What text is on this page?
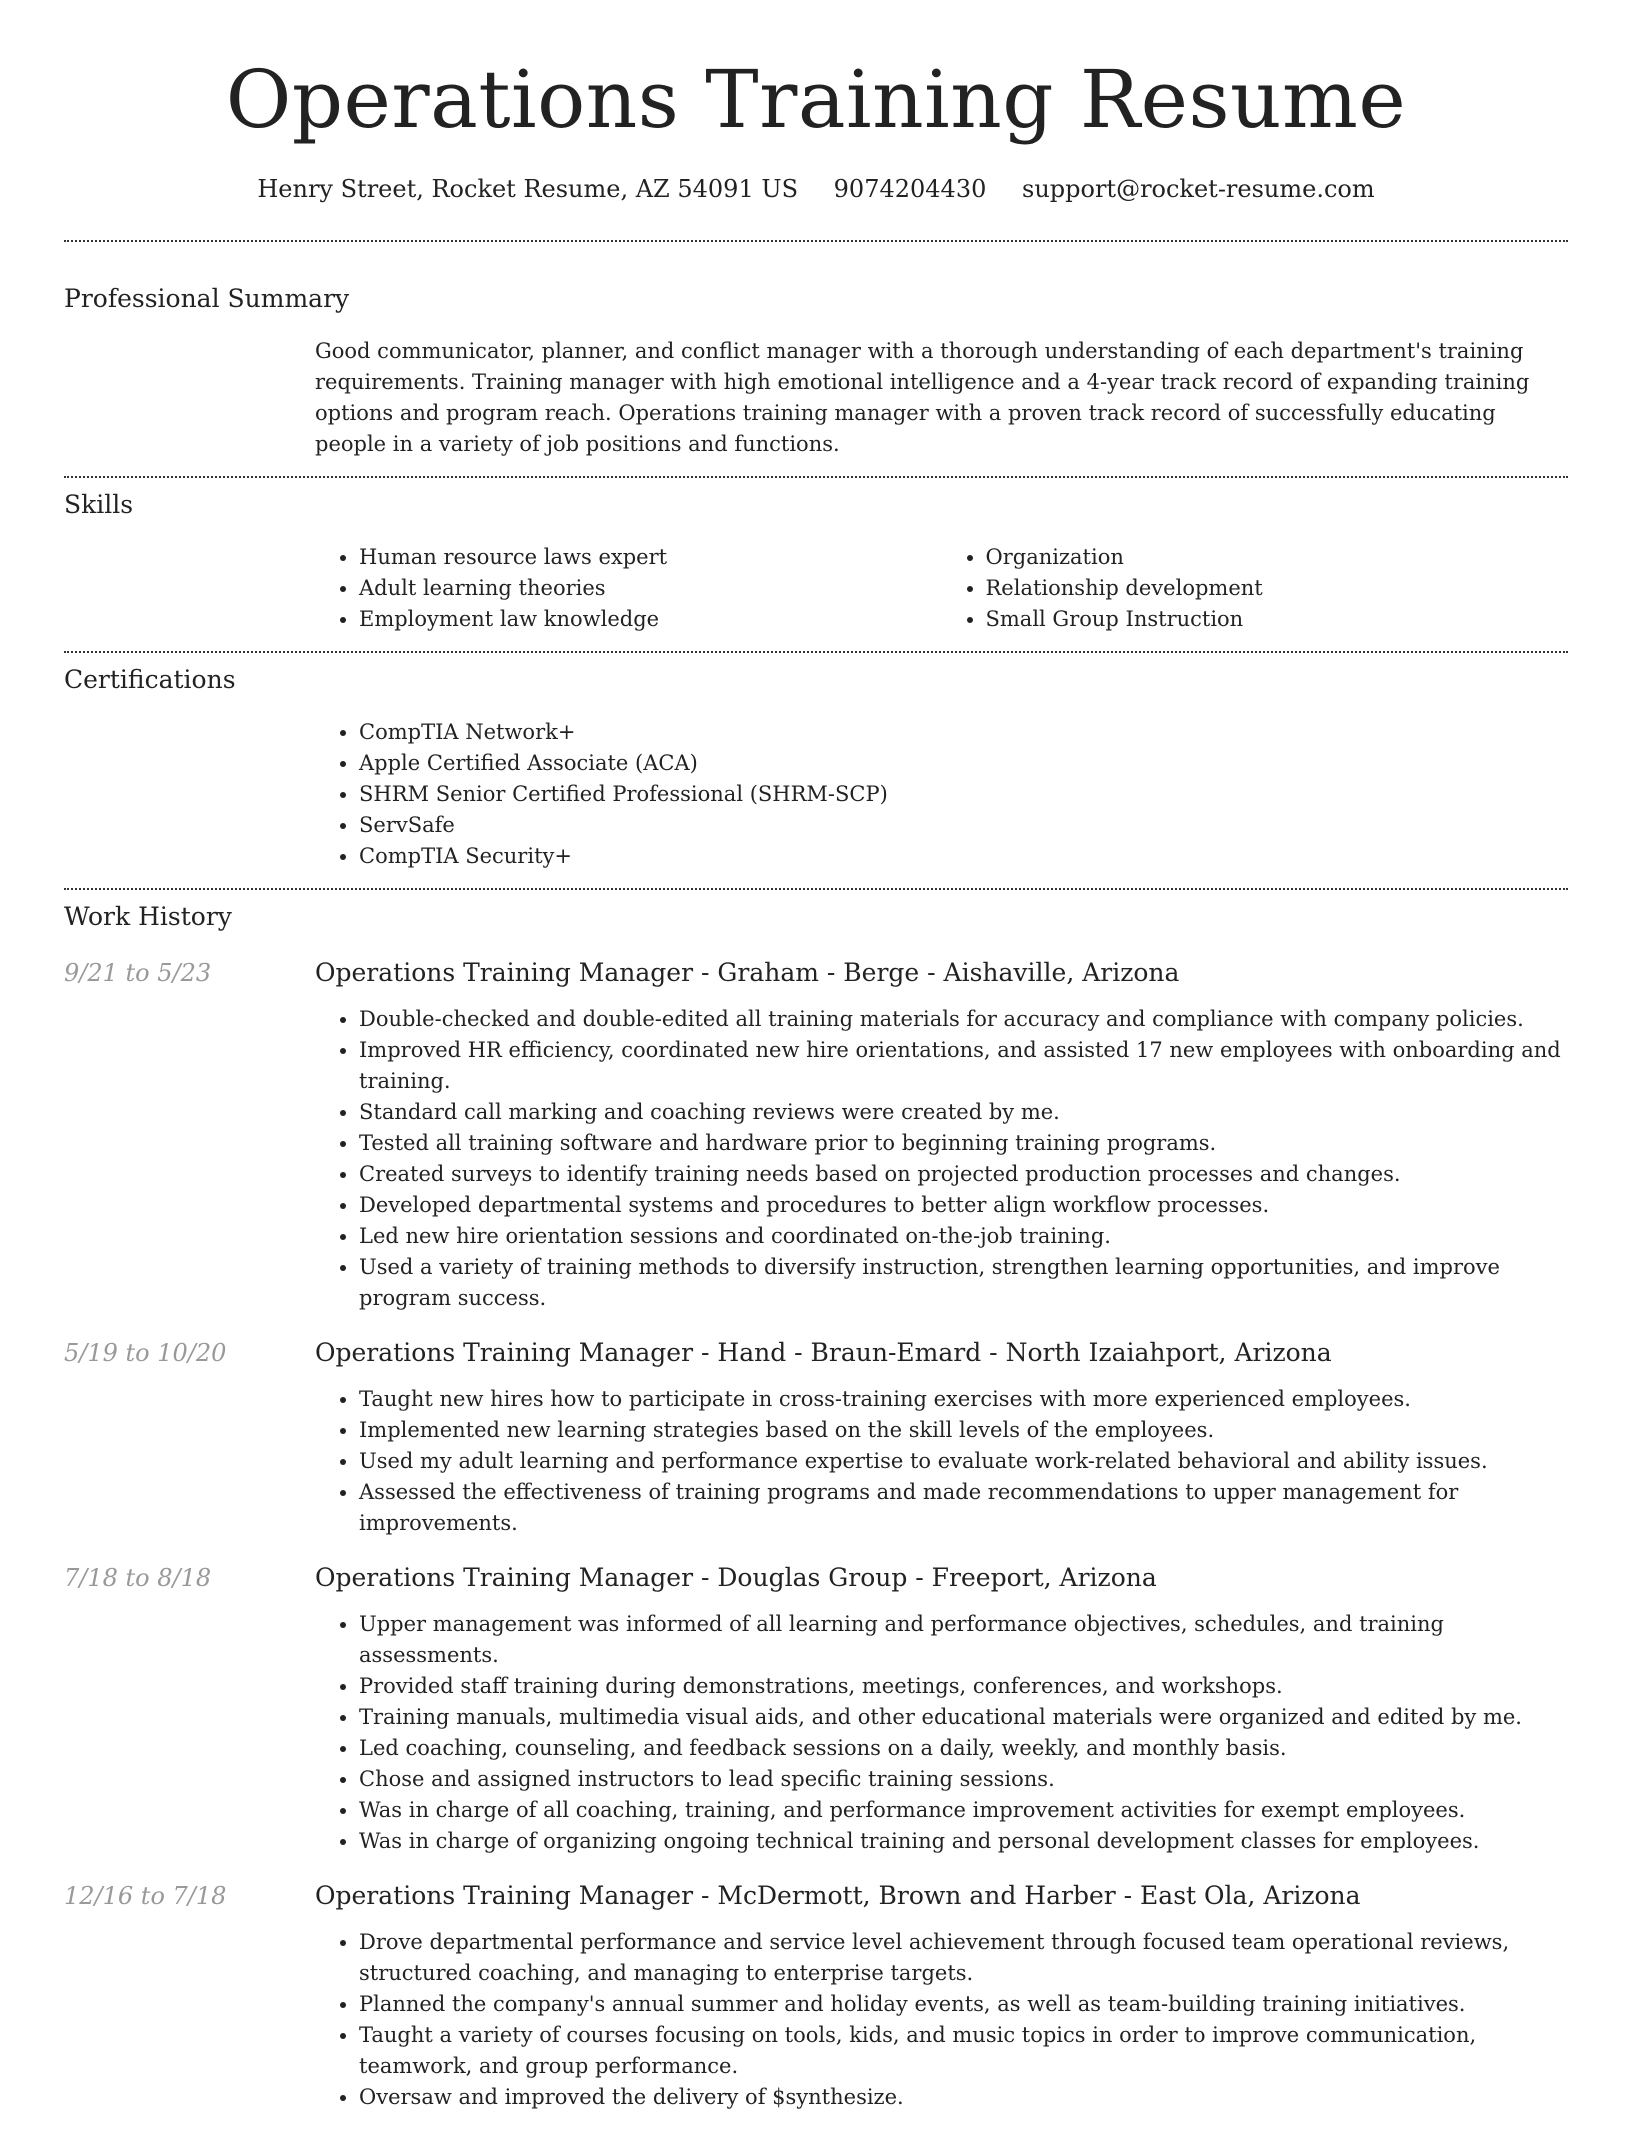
Operations Training Resume
Henry Street, Rocket Resume, AZ 54091 US 9074204430 support@rocket-resume.com
Professional Summary

Good communicator, planner, and conflict manager with a thorough understanding of each department's training requirements. Training manager with high emotional intelligence and a 4-year track record of expanding training options and program reach. Operations training manager with a proven track record of successfully educating people in a variety of job positions and functions.

Skills
• Human resource laws expert
• Adult learning theories
• Employment law knowledge
• Organization
• Relationship development
• Small Group Instruction
Certifications
• CompTIA Network+
• Apple Certified Associate (ACA)
• SHRM Senior Certified Professional (SHRM-SCP)
• ServSafe
• CompTIA Security+
Work History
9/21 to 5/23	Operations Training Manager - Graham - Berge - Aishaville, Arizona
• Double-checked and double-edited all training materials for accuracy and compliance with company policies.
• Improved HR efficiency, coordinated new hire orientations, and assisted 17 new employees with onboarding and training.
• Standard call marking and coaching reviews were created by me.
• Tested all training software and hardware prior to beginning training programs.
• Created surveys to identify training needs based on projected production processes and changes.
• Developed departmental systems and procedures to better align workflow processes.
• Led new hire orientation sessions and coordinated on-the-job training.
• Used a variety of training methods to diversify instruction, strengthen learning opportunities, and improve program success.
5/19 to 10/20	Operations Training Manager - Hand - Braun-Emard - North Izaiahport, Arizona
• Taught new hires how to participate in cross-training exercises with more experienced employees.
• Implemented new learning strategies based on the skill levels of the employees.
• Used my adult learning and performance expertise to evaluate work-related behavioral and ability issues.
• Assessed the effectiveness of training programs and made recommendations to upper management for improvements.
7/18 to 8/18	Operations Training Manager - Douglas Group - Freeport, Arizona
• Upper management was informed of all learning and performance objectives, schedules, and training assessments.
• Provided staff training during demonstrations, meetings, conferences, and workshops.
• Training manuals, multimedia visual aids, and other educational materials were organized and edited by me.
• Led coaching, counseling, and feedback sessions on a daily, weekly, and monthly basis.
• Chose and assigned instructors to lead specific training sessions.
• Was in charge of all coaching, training, and performance improvement activities for exempt employees.
• Was in charge of organizing ongoing technical training and personal development classes for employees.
12/16 to 7/18	Operations Training Manager - McDermott, Brown and Harber - East Ola, Arizona
• Drove departmental performance and service level achievement through focused team operational reviews, structured coaching, and managing to enterprise targets.
• Planned the company's annual summer and holiday events, as well as team-building training initiatives.
• Taught a variety of courses focusing on tools, kids, and music topics in order to improve communication, teamwork, and group performance.
• Oversaw and improved the delivery of $synthesize.
